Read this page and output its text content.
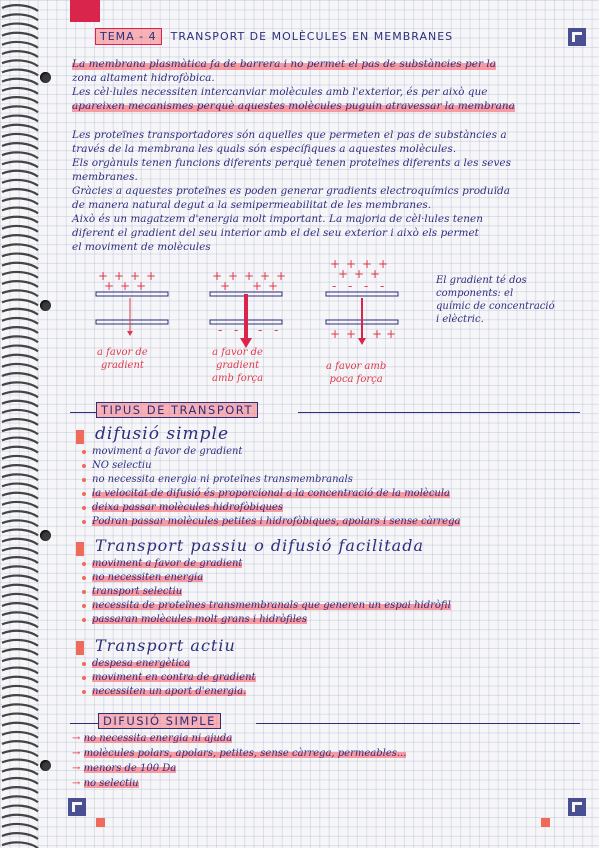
TEMA - 4 TRANSPORT DE MOLÈCULES EN MEMBRANES
La membrana plasmàtica fa de barrera i no permet el pas de substàncies per la
zona altament hidrofòbica.
Les cèl·lules necessiten intercanviar molècules amb l'exterior, és per això que
apareixen mecanismes perquè aquestes molècules puguin atravessar la membrana
Les proteïnes transportadores són aquelles que permeten el pas de substàncies a
través de la membrana les quals són específiques a aquestes molècules.
Els orgànuls tenen funcions diferents perquè tenen proteïnes diferents a les seves
membranes.
Gràcies a aquestes proteïnes es poden generar gradients electroquímics produïda
de manera natural degut a la semipermeabilitat de les membranes.
Això és un magatzem d'energia molt important. La majoria de cèl·lules tenen
diferent el gradient del seu interior amb el del seu exterior i això els permet
el moviment de molècules
+ + + +
+ + +
+ + + + +
+ + +
- - - -
+ + + +
+ + +
- - - -
+ + + +
a favor de
gradient
a favor de
gradient
amb força
a favor amb
poca força
El gradient té dos
components: el
químic de concentració
i elèctric.
TIPUS DE TRANSPORT
difusió simple
moviment a favor de gradient
NO selectiu
no necessita energia ni proteïnes transmembranals
la velocitat de difusió és proporcional a la concentració de la molècula
deixa passar molècules hidrofòbiques
Podran passar molècules petites i hidrofòbiques, apolars i sense càrrega
Transport passiu o difusió facilitada
moviment a favor de gradient
no necessiten energia
transport selectiu
necessita de proteïnes transmembranals que generen un espai hidròfil
passaran molècules molt grans i hidròfiles
Transport actiu
despesa energètica
moviment en contra de gradient
necessiten un aport d'energia.
DIFUSIÓ SIMPLE
→ no necessita energia ni ajuda
→ molècules polars, apolars, petites, sense càrrega, permeables...
→ menors de 100 Da
→ no selectiu
